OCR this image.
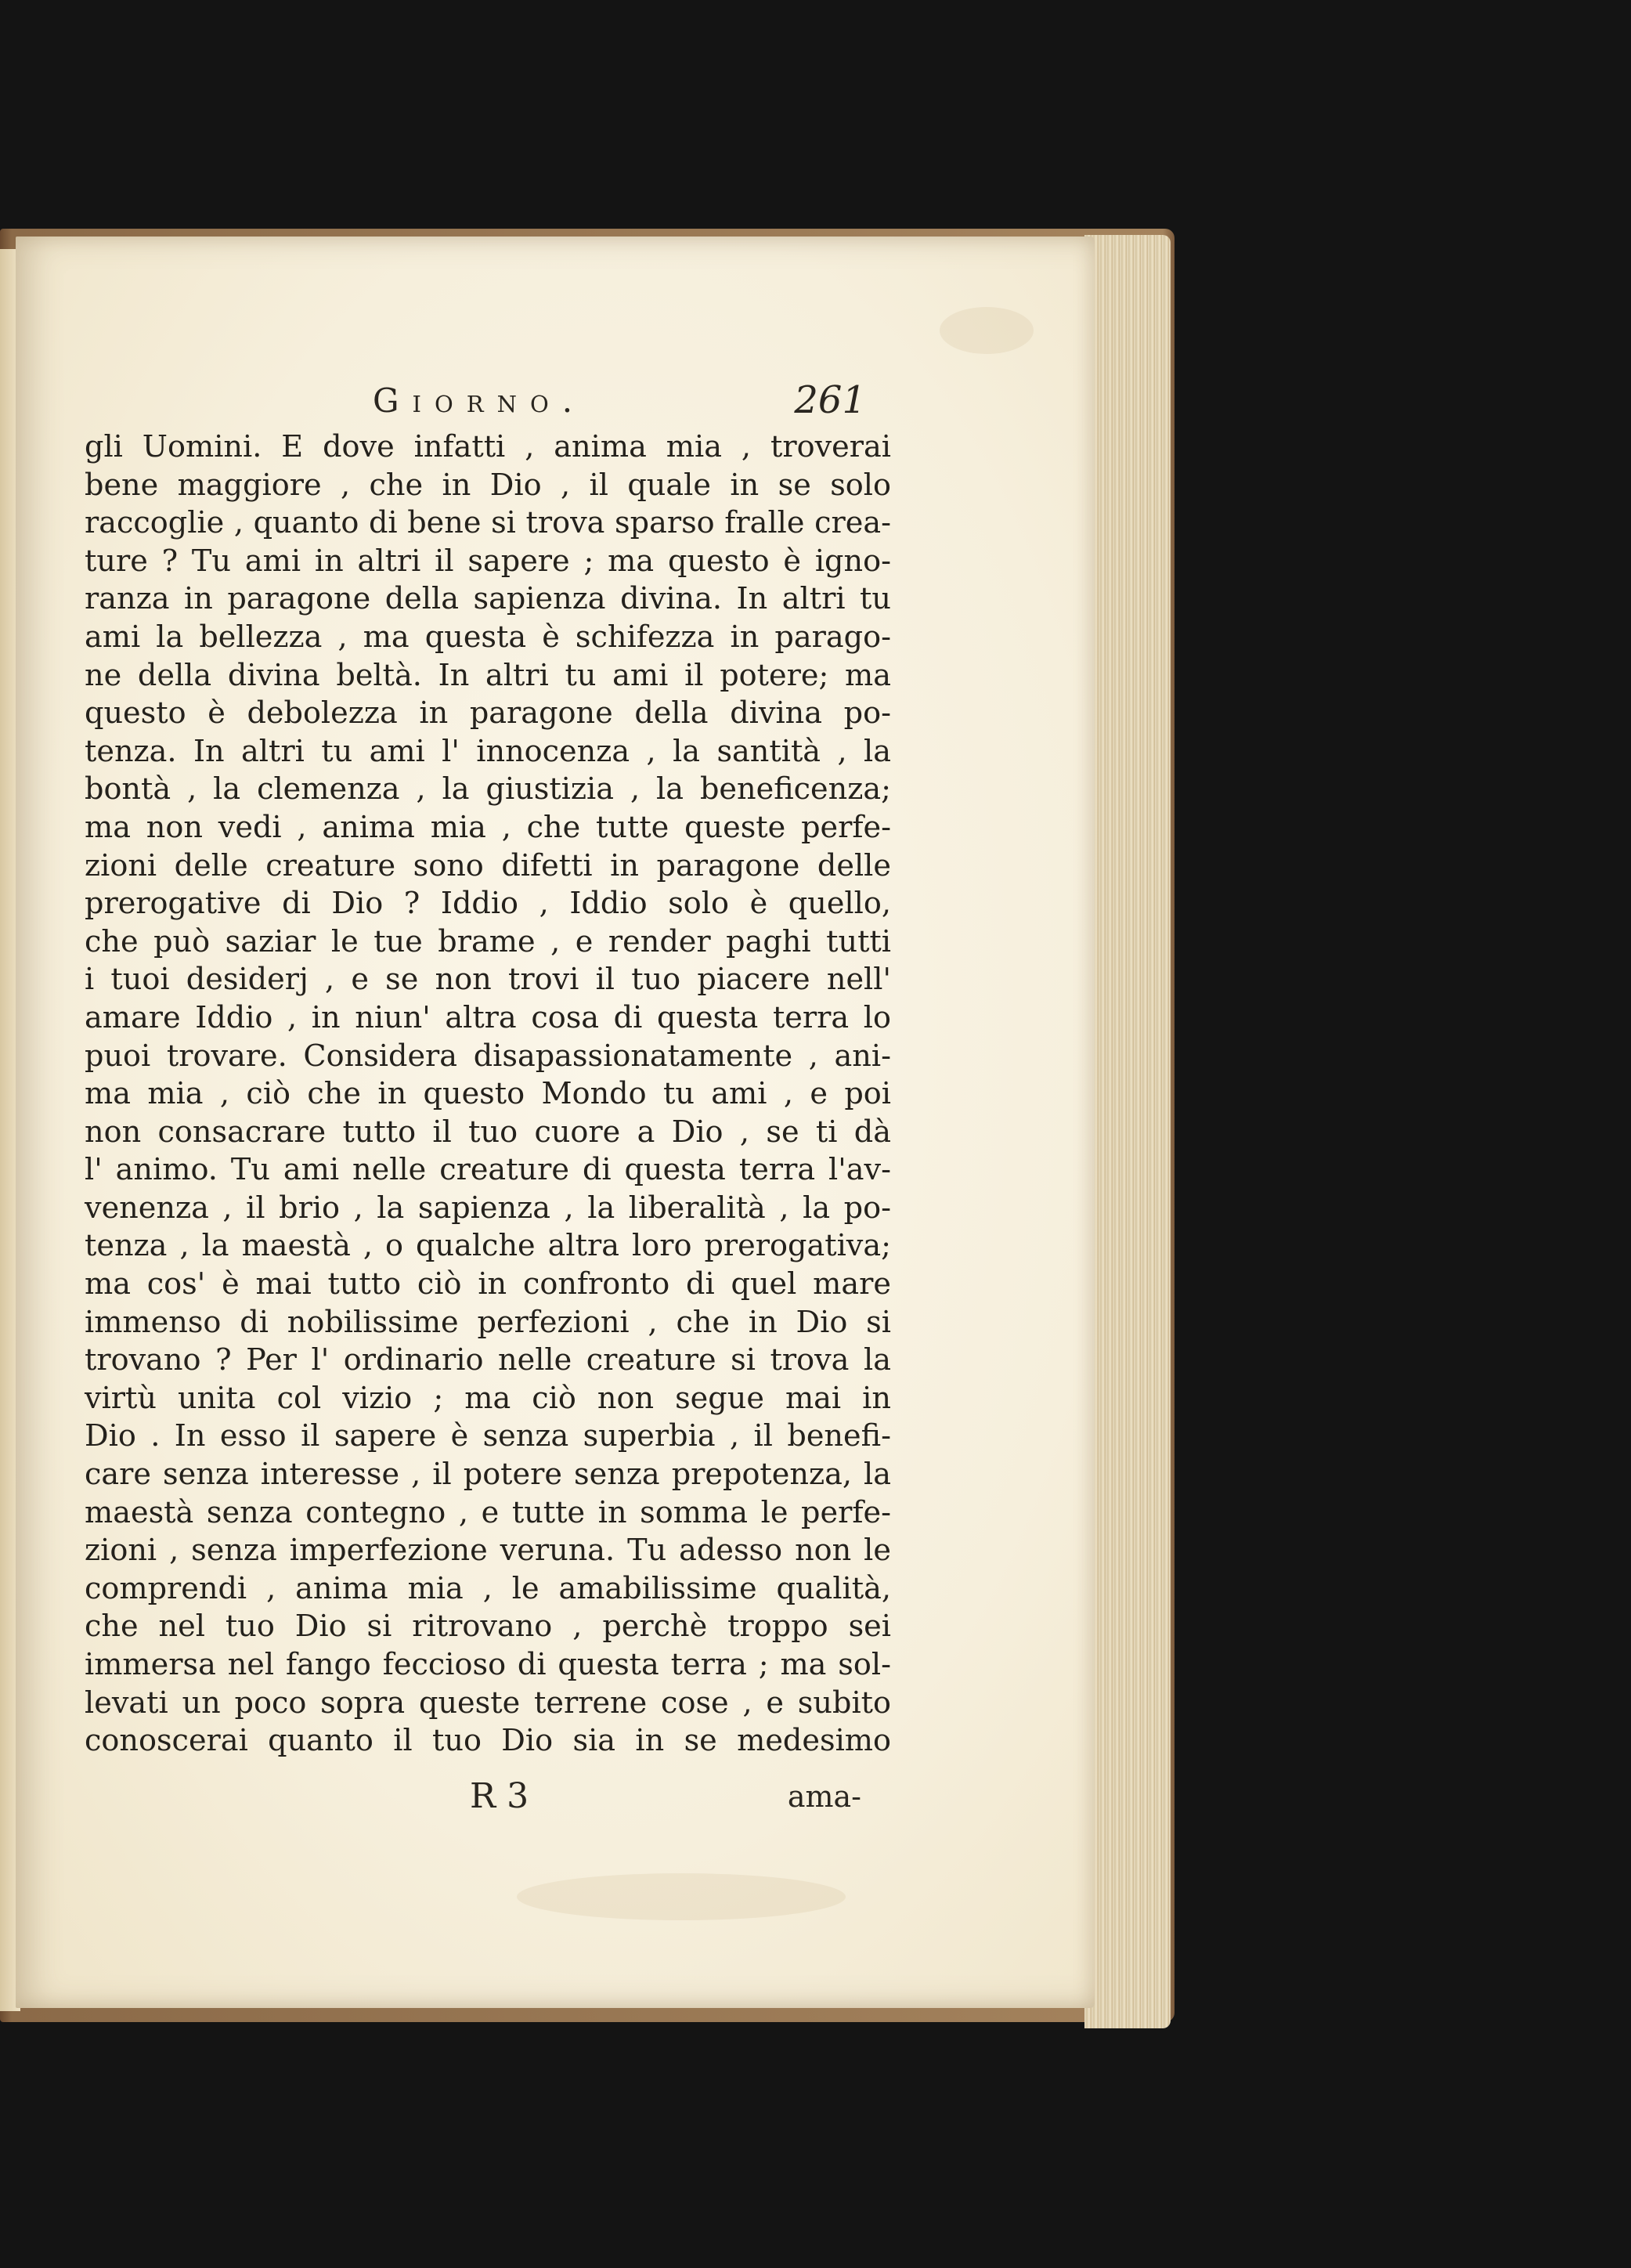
Giorno.	261
gli Uomini. E dove infatti , anima mia , troverai
bene maggiore , che in Dio , il quale in se solo
raccoglie , quanto di bene si trova sparso fralle crea-
ture ? Tu ami in altri il sapere ; ma questo è igno-
ranza in paragone della sapienza divina. In altri tu
ami la bellezza , ma questa è schifezza in parago-
ne della divina beltà. In altri tu ami il potere; ma
questo è debolezza in paragone della divina po-
tenza. In altri tu ami l' innocenza , la santità , la
bontà , la clemenza , la giustizia , la beneficenza;
ma non vedi , anima mia , che tutte queste perfe-
zioni delle creature sono difetti in paragone delle
prerogative di Dio ? Iddio , Iddio solo è quello,
che può saziar le tue brame , e render paghi tutti
i tuoi desiderj , e se non trovi il tuo piacere nell'
amare Iddio , in niun' altra cosa di questa terra lo
puoi trovare. Considera disapassionatamente , ani-
ma mia , ciò che in questo Mondo tu ami , e poi
non consacrare tutto il tuo cuore a Dio , se ti dà
l' animo. Tu ami nelle creature di questa terra l'av-
venenza , il brio , la sapienza , la liberalità , la po-
tenza , la maestà , o qualche altra loro prerogativa;
ma cos' è mai tutto ciò in confronto di quel mare
immenso di nobilissime perfezioni , che in Dio si
trovano ? Per l' ordinario nelle creature si trova la
virtù unita col vizio ; ma ciò non segue mai in
Dio . In esso il sapere è senza superbia , il benefi-
care senza interesse , il potere senza prepotenza, la
maestà senza contegno , e tutte in somma le perfe-
zioni , senza imperfezione veruna. Tu adesso non le
comprendi , anima mia , le amabilissime qualità,
che nel tuo Dio si ritrovano , perchè troppo sei
immersa nel fango fecciosо di questa terra ; ma sol-
levati un poco sopra queste terrene cose , e subito
conoscerai quanto il tuo Dio sia in se medesimo
R 3	ama-
